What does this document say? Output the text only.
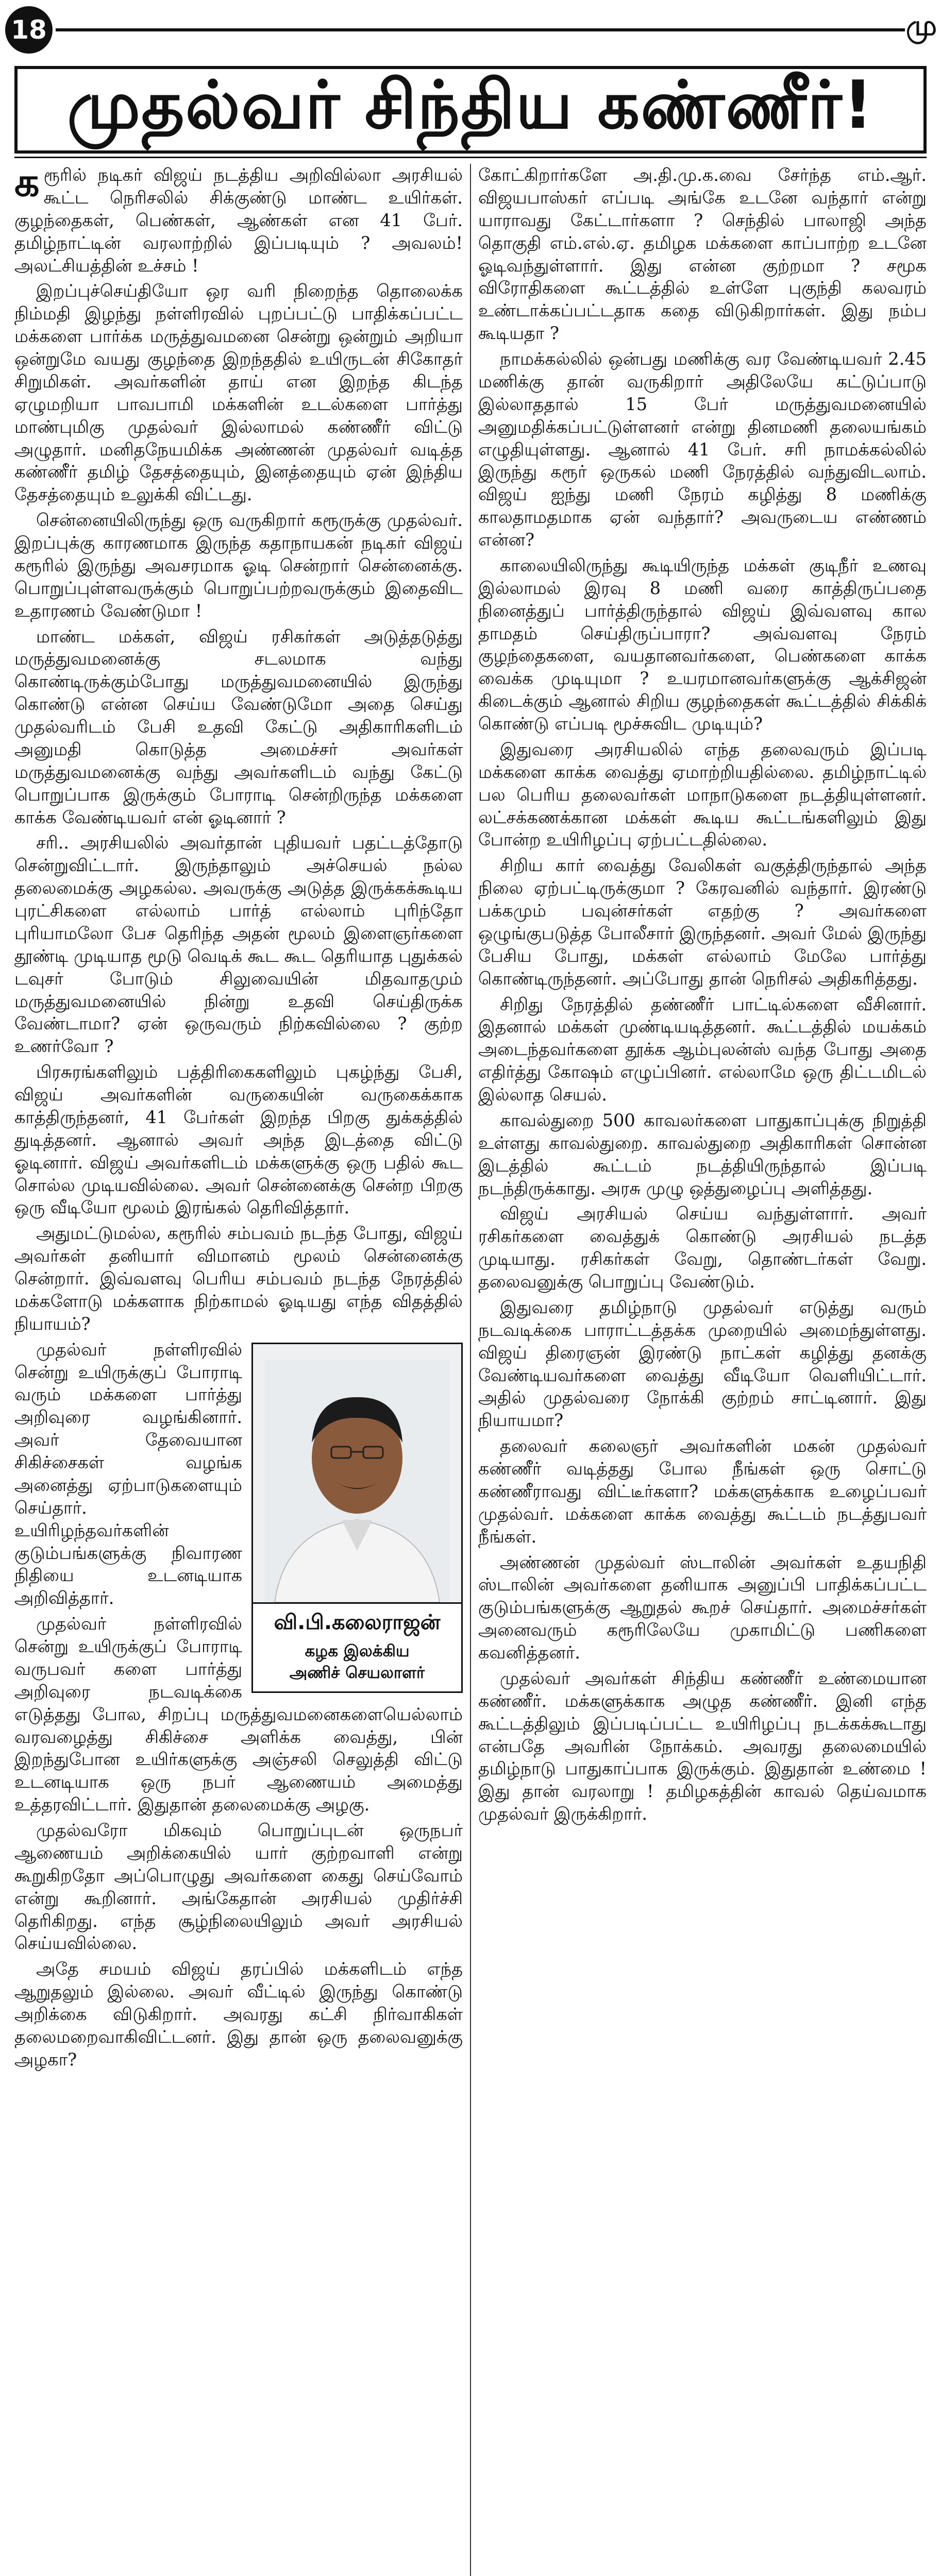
18	மு
முதல்வர் சிந்திய கண்ணீர்!
க ரூரில் நடிகர் விஜய் நடத்திய அறிவில்லா அரசியல் கூட்ட நெரிசலில் சிக்குண்டு மாண்ட உயிர்கள். குழந்தைகள், பெண்கள், ஆண்கள் என 41 பேர். தமிழ்நாட்டின் வரலாற்றில் இப்படியும் ? அவலம்! அலட்சியத்தின் உச்சம் !

இறப்புச்செய்தியோ ஒர வரி நிறைந்த தொலைக்க நிம்மதி இழந்து நள்ளிரவில் புறப்பட்டு பாதிக்கப்பட்ட மக்களை பார்க்க மருத்துவமனை சென்று ஒன்றும் அறியா ஒன்றுமே வயது குழந்தை இறந்ததில் உயிருடன் சிகோதர் சிறுமிகள். அவர்களின் தாய் என இறந்த கிடந்த ஏழுமறியா பாவபாமி மக்களின் உடல்களை பார்த்து மாண்புமிகு முதல்வர் இல்லாமல் கண்ணீர் விட்டு அழுதார். மனிதநேயமிக்க அண்ணன் முதல்வர் வடித்த கண்ணீர் தமிழ் தேசத்தையும், இனத்தையும் ஏன் இந்திய தேசத்தையும் உலுக்கி விட்டது.

சென்னையிலிருந்து ஒரு வருகிறார் கரூருக்கு முதல்வர். இறப்புக்கு காரணமாக இருந்த கதாநாயகன் நடிகர் விஜய் கரூரில் இருந்து அவசரமாக ஓடி சென்றார் சென்னைக்கு. பொறுப்புள்ளவருக்கும் பொறுப்பற்றவருக்கும் இதைவிட உதாரணம் வேண்டுமா !

மாண்ட மக்கள், விஜய் ரசிகர்கள் அடுத்தடுத்து மருத்துவமனைக்கு சடலமாக வந்து கொண்டிருக்கும்போது மருத்துவமனையில் இருந்து கொண்டு என்ன செய்ய வேண்டுமோ அதை செய்து முதல்வரிடம் பேசி உதவி கேட்டு அதிகாரிகளிடம் அனுமதி கொடுத்த அமைச்சர் அவர்கள் மருத்துவமனைக்கு வந்து அவர்களிடம் வந்து கேட்டு பொறுப்பாக இருக்கும் போராடி சென்றிருந்த மக்களை காக்க வேண்டியவர் என் ஓடினார் ?

சரி.. அரசியலில் அவர்தான் புதியவர் பதட்டத்தோடு சென்றுவிட்டார். இருந்தாலும் அச்செயல் நல்ல தலைமைக்கு அழகல்ல. அவருக்கு அடுத்த இருக்கக்கூடிய புரட்சிகளை எல்லாம் பார்த் எல்லாம் புரிந்தோ புரியாமலோ பேச தெரிந்த அதன் மூலம் இளைஞர்களை தூண்டி முடியாத மூடு வெடிக் கூட கூட தெரியாத புதுக்கல் டவுசர் போடும் சிலுவையின் மிதவாதமும் மருத்துவமனையில் நின்று உதவி செய்திருக்க வேண்டாமா? ஏன் ஒருவரும் நிற்கவில்லை ? குற்ற உணர்வோ ?

பிரசுரங்களிலும் பத்திரிகைகளிலும் புகழ்ந்து பேசி, விஜய் அவர்களின் வருகையின் வருகைக்காக காத்திருந்தனர், 41 பேர்கள் இறந்த பிறகு துக்கத்தில் துடித்தனர். ஆனால் அவர் அந்த இடத்தை விட்டு ஓடினார். விஜய் அவர்களிடம் மக்களுக்கு ஒரு பதில் கூட சொல்ல முடியவில்லை. அவர் சென்னைக்கு சென்ற பிறகு ஒரு வீடியோ மூலம் இரங்கல் தெரிவித்தார்.

அதுமட்டுமல்ல, கரூரில் சம்பவம் நடந்த போது, விஜய் அவர்கள் தனியார் விமானம் மூலம் சென்னைக்கு சென்றார். இவ்வளவு பெரிய சம்பவம் நடந்த நேரத்தில் மக்களோடு மக்களாக நிற்காமல் ஓடியது எந்த விதத்தில் நியாயம்?

வி.பி.கலைராஜன்
கழக இலக்கிய
அணிச் செயலாளர்

முதல்வர் நள்ளிரவில் சென்று உயிருக்குப் போராடி வரும் மக்களை பார்த்து அறிவுரை வழங்கினார். அவர் தேவையான சிகிச்சைகள் வழங்க அனைத்து ஏற்பாடுகளையும் செய்தார். உயிரிழந்தவர்களின் குடும்பங்களுக்கு நிவாரண நிதியை உடனடியாக அறிவித்தார்.

முதல்வர் நள்ளிரவில் சென்று உயிருக்குப் போராடி வருபவர் களை பார்த்து அறிவுரை நடவடிக்கை எடுத்தது போல, சிறப்பு மருத்துவமனைகளையெல்லாம் வரவழைத்து சிகிச்சை அளிக்க வைத்து, பின் இறந்துபோன உயிர்களுக்கு அஞ்சலி செலுத்தி விட்டு உடனடியாக ஒரு நபர் ஆணையம் அமைத்து உத்தரவிட்டார். இதுதான் தலைமைக்கு அழகு.

முதல்வரோ மிகவும் பொறுப்புடன் ஒருநபர் ஆணையம் அறிக்கையில் யார் குற்றவாளி என்று கூறுகிறதோ அப்பொழுது அவர்களை கைது செய்வோம் என்று கூறினார். அங்கேதான் அரசியல் முதிர்ச்சி தெரிகிறது. எந்த சூழ்நிலையிலும் அவர் அரசியல் செய்யவில்லை.

அதே சமயம் விஜய் தரப்பில் மக்களிடம் எந்த ஆறுதலும் இல்லை. அவர் வீட்டில் இருந்து கொண்டு அறிக்கை விடுகிறார். அவரது கட்சி நிர்வாகிகள் தலைமறைவாகிவிட்டனர். இது தான் ஒரு தலைவனுக்கு அழகா?

கோட்கிறார்களே அ.தி.மு.க.வை சேர்ந்த எம்.ஆர். விஜயபாஸ்கர் எப்படி அங்கே உடனே வந்தார் என்று யாராவது கேட்டார்களா ? செந்தில் பாலாஜி அந்த தொகுதி எம்.எல்.ஏ. தமிழக மக்களை காப்பாற்ற உடனே ஓடிவந்துள்ளார். இது என்ன குற்றமா ? சமூக விரோதிகளை கூட்டத்தில் உள்ளே புகுந்தி கலவரம் உண்டாக்கப்பட்டதாக கதை விடுகிறார்கள். இது நம்ப கூடியதா ?

நாமக்கல்லில் ஒன்பது மணிக்கு வர வேண்டியவர் 2.45 மணிக்கு தான் வருகிறார் அதிலேயே கட்டுப்பாடு இல்லாததால் 15 பேர் மருத்துவமனையில் அனுமதிக்கப்பட்டுள்ளனர் என்று தினமணி தலையங்கம் எழுதியுள்ளது. ஆனால் 41 பேர். சரி நாமக்கல்லில் இருந்து கரூர் ஒருகல் மணி நேரத்தில் வந்துவிடலாம். விஜய் ஐந்து மணி நேரம் கழித்து 8 மணிக்கு காலதாமதமாக ஏன் வந்தார்? அவருடைய எண்ணம் என்ன?

காலையிலிருந்து கூடியிருந்த மக்கள் குடிநீர் உணவு இல்லாமல் இரவு 8 மணி வரை காத்திருப்பதை நினைத்துப் பார்த்திருந்தால் விஜய் இவ்வளவு கால தாமதம் செய்திருப்பாரா? அவ்வளவு நேரம் குழந்தைகளை, வயதானவர்களை, பெண்களை காக்க வைக்க முடியுமா ? உயரமானவர்களுக்கு ஆக்சிஜன் கிடைக்கும் ஆனால் சிறிய குழந்தைகள் கூட்டத்தில் சிக்கிக் கொண்டு எப்படி மூச்சுவிட முடியும்?

இதுவரை அரசியலில் எந்த தலைவரும் இப்படி மக்களை காக்க வைத்து ஏமாற்றியதில்லை. தமிழ்நாட்டில் பல பெரிய தலைவர்கள் மாநாடுகளை நடத்தியுள்ளனர். லட்சக்கணக்கான மக்கள் கூடிய கூட்டங்களிலும் இது போன்ற உயிரிழப்பு ஏற்பட்டதில்லை.

சிறிய கார் வைத்து வேலிகள் வகுத்திருந்தால் அந்த நிலை ஏற்பட்டிருக்குமா ? கேரவனில் வந்தார். இரண்டு பக்கமும் பவுன்சர்கள் எதற்கு ? அவர்களை ஒழுங்குபடுத்த போலீசார் இருந்தனர். அவர் மேல் இருந்து பேசிய போது, மக்கள் எல்லாம் மேலே பார்த்து கொண்டிருந்தனர். அப்போது தான் நெரிசல் அதிகரித்தது.

சிறிது நேரத்தில் தண்ணீர் பாட்டில்களை வீசினார். இதனால் மக்கள் முண்டியடித்தனர். கூட்டத்தில் மயக்கம் அடைந்தவர்களை தூக்க ஆம்புலன்ஸ் வந்த போது அதை எதிர்த்து கோஷம் எழுப்பினர். எல்லாமே ஒரு திட்டமிடல் இல்லாத செயல்.

காவல்துறை 500 காவலர்களை பாதுகாப்புக்கு நிறுத்தி உள்ளது காவல்துறை. காவல்துறை அதிகாரிகள் சொன்ன இடத்தில் கூட்டம் நடத்தியிருந்தால் இப்படி நடந்திருக்காது. அரசு முழு ஒத்துழைப்பு அளித்தது.

விஜய் அரசியல் செய்ய வந்துள்ளார். அவர் ரசிகர்களை வைத்துக் கொண்டு அரசியல் நடத்த முடியாது. ரசிகர்கள் வேறு, தொண்டர்கள் வேறு. தலைவனுக்கு பொறுப்பு வேண்டும்.

இதுவரை தமிழ்நாடு முதல்வர் எடுத்து வரும் நடவடிக்கை பாராட்டத்தக்க முறையில் அமைந்துள்ளது. விஜய் திரைஞன் இரண்டு நாட்கள் கழித்து தனக்கு வேண்டியவர்களை வைத்து வீடியோ வெளியிட்டார். அதில் முதல்வரை நோக்கி குற்றம் சாட்டினார். இது நியாயமா?

தலைவர் கலைஞர் அவர்களின் மகன் முதல்வர் கண்ணீர் வடித்தது போல நீங்கள் ஒரு சொட்டு கண்ணீராவது விட்டீர்களா? மக்களுக்காக உழைப்பவர் முதல்வர். மக்களை காக்க வைத்து கூட்டம் நடத்துபவர் நீங்கள்.

அண்ணன் முதல்வர் ஸ்டாலின் அவர்கள் உதயநிதி ஸ்டாலின் அவர்களை தனியாக அனுப்பி பாதிக்கப்பட்ட குடும்பங்களுக்கு ஆறுதல் கூறச் செய்தார். அமைச்சர்கள் அனைவரும் கரூரிலேயே முகாமிட்டு பணிகளை கவனித்தனர்.

முதல்வர் அவர்கள் சிந்திய கண்ணீர் உண்மையான கண்ணீர். மக்களுக்காக அழுத கண்ணீர். இனி எந்த கூட்டத்திலும் இப்படிப்பட்ட உயிரிழப்பு நடக்கக்கூடாது என்பதே அவரின் நோக்கம். அவரது தலைமையில் தமிழ்நாடு பாதுகாப்பாக இருக்கும். இதுதான் உண்மை ! இது தான் வரலாறு ! தமிழகத்தின் காவல் தெய்வமாக முதல்வர் இருக்கிறார்.
